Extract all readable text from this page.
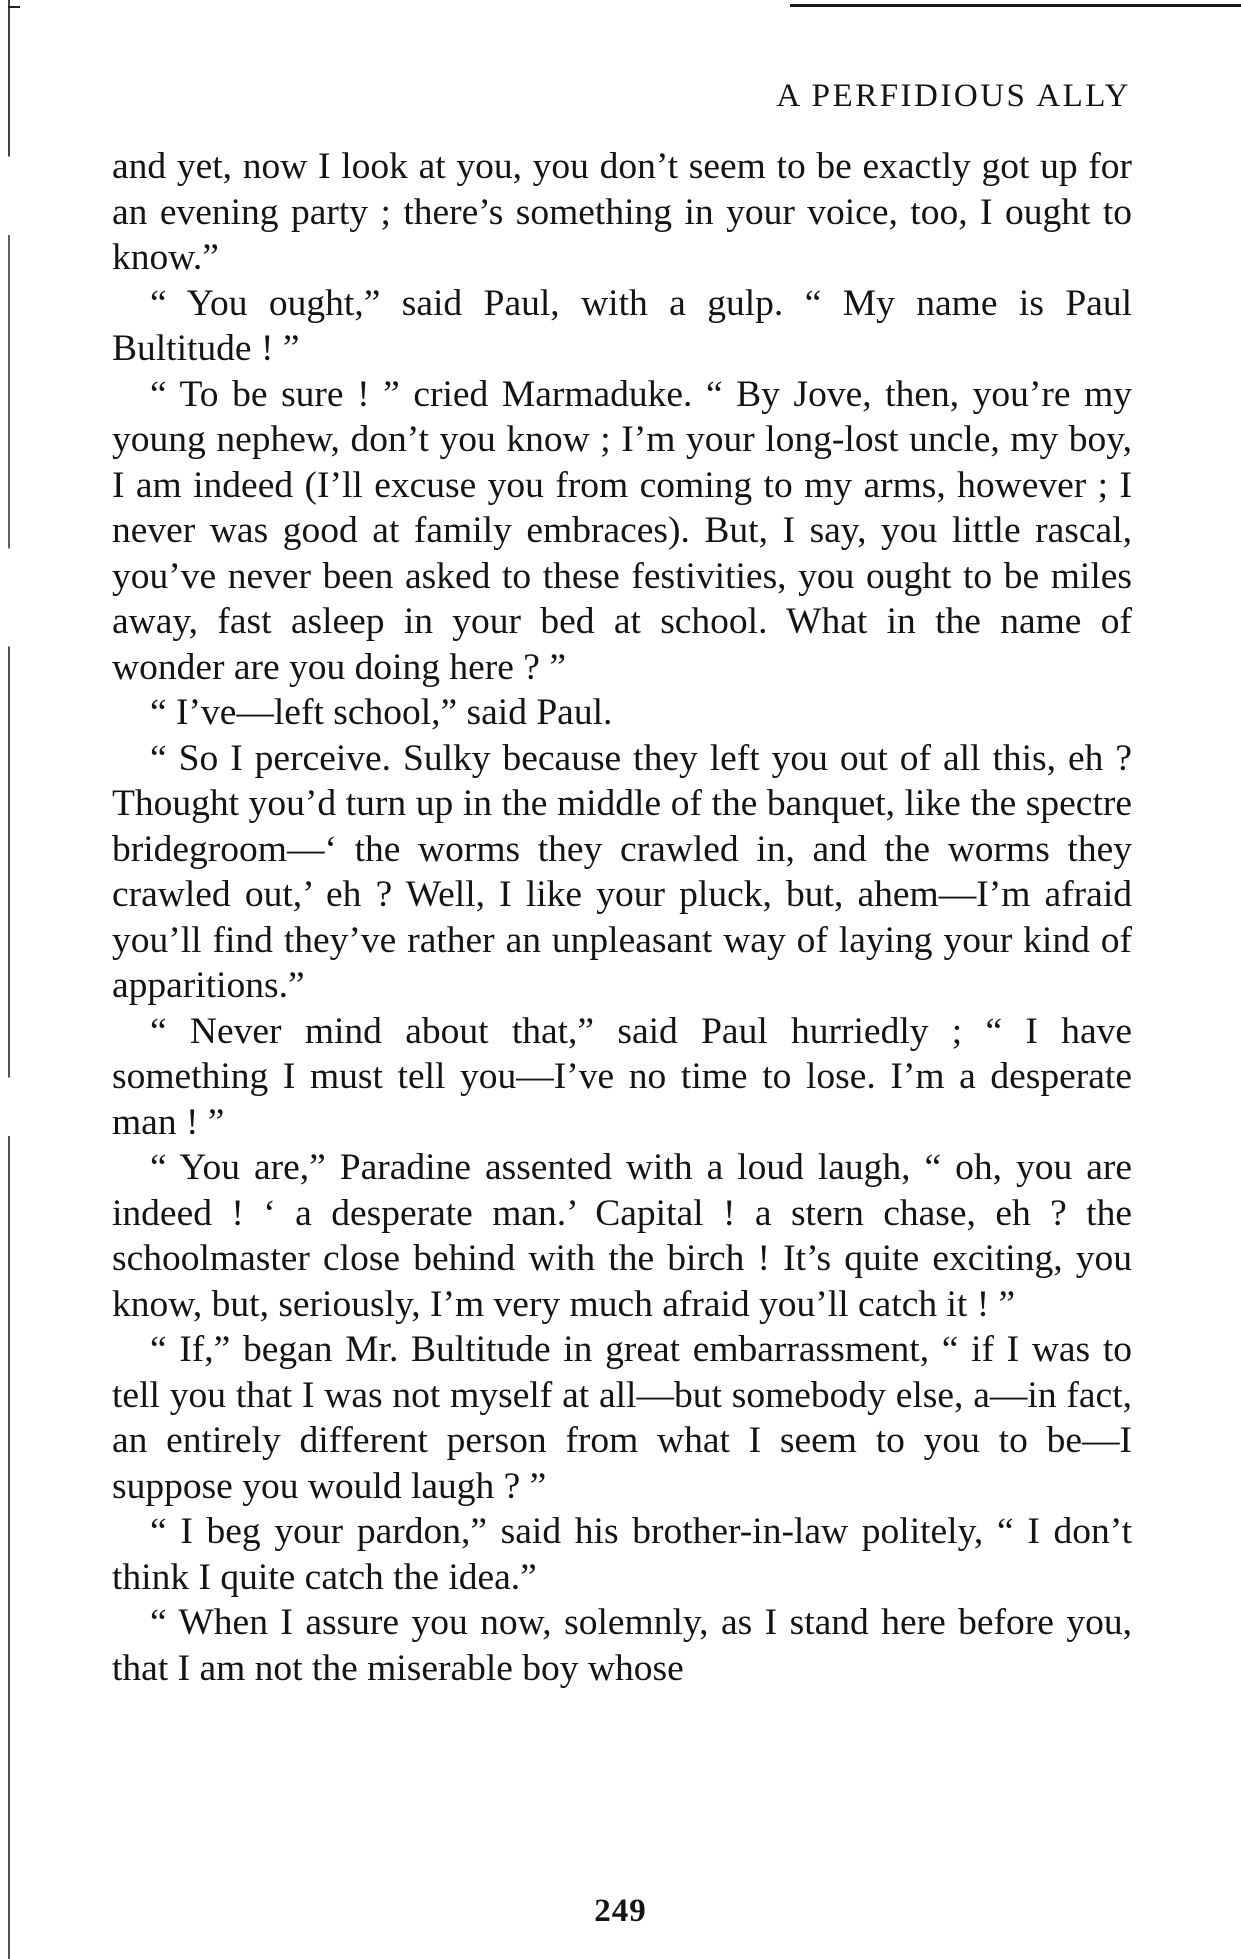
A PERFIDIOUS ALLY

and yet, now I look at you, you don’t seem to be exactly got up for an evening party ; there’s something in your voice, too, I ought to know.”

“ You ought,” said Paul, with a gulp. “ My name is Paul Bultitude ! ”

“ To be sure ! ” cried Marmaduke. “ By Jove, then, you’re my young nephew, don’t you know ; I’m your long-lost uncle, my boy, I am indeed (I’ll excuse you from coming to my arms, however ; I never was good at family embraces). But, I say, you little rascal, you’ve never been asked to these festivities, you ought to be miles away, fast asleep in your bed at school. What in the name of wonder are you doing here ? ”

“ I’ve—left school,” said Paul.

“ So I perceive. Sulky because they left you out of all this, eh ? Thought you’d turn up in the middle of the banquet, like the spectre bridegroom—‘ the worms they crawled in, and the worms they crawled out,’ eh ? Well, I like your pluck, but, ahem—I’m afraid you’ll find they’ve rather an unpleasant way of laying your kind of apparitions.”

“ Never mind about that,” said Paul hurriedly ; “ I have something I must tell you—I’ve no time to lose. I’m a desperate man ! ”

“ You are,” Paradine assented with a loud laugh, “ oh, you are indeed ! ‘ a desperate man.’ Capital ! a stern chase, eh ? the schoolmaster close behind with the birch ! It’s quite exciting, you know, but, seriously, I’m very much afraid you’ll catch it ! ”

“ If,” began Mr. Bultitude in great embarrassment, “ if I was to tell you that I was not myself at all—but somebody else, a—in fact, an entirely different person from what I seem to you to be—I suppose you would laugh ? ”

“ I beg your pardon,” said his brother-in-law politely, “ I don’t think I quite catch the idea.”

“ When I assure you now, solemnly, as I stand here before you, that I am not the miserable boy whose

249
